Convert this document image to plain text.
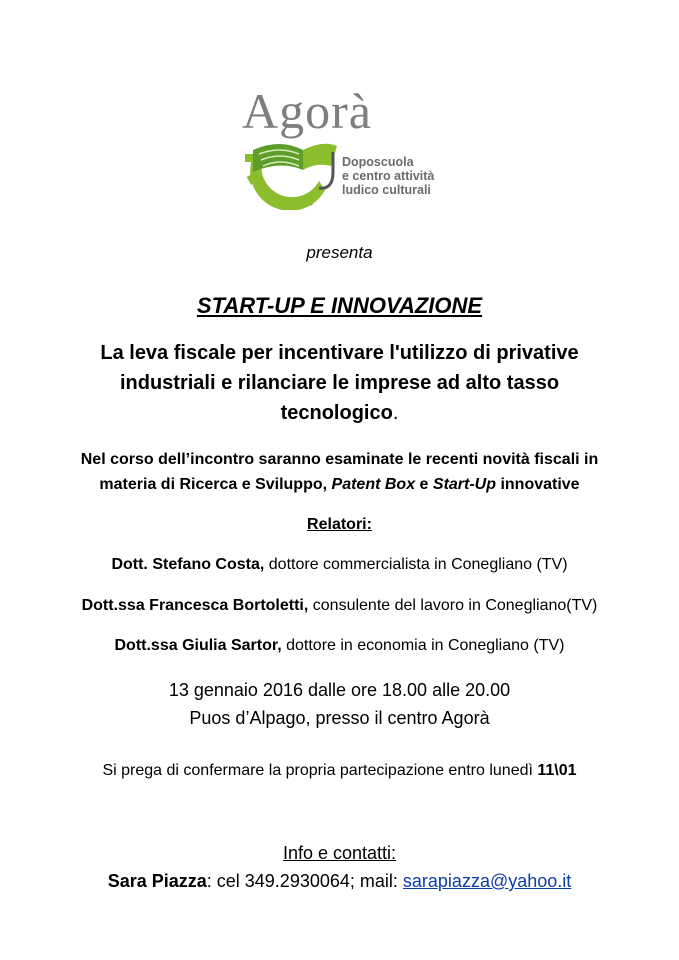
Agorà
Doposcuola
e centro attività
ludico culturali
presenta
START-UP E INNOVAZIONE
La leva fiscale per incentivare l'utilizzo di privative
industriali e rilanciare le imprese ad alto tasso
tecnologico.
Nel corso dell’incontro saranno esaminate le recenti novità fiscali in
materia di Ricerca e Sviluppo, Patent Box e Start-Up innovative
Relatori:
Dott. Stefano Costa, dottore commercialista in Conegliano (TV)
Dott.ssa Francesca Bortoletti, consulente del lavoro in Conegliano(TV)
Dott.ssa Giulia Sartor, dottore in economia in Conegliano (TV)
13 gennaio 2016 dalle ore 18.00 alle 20.00
Puos d’Alpago, presso il centro Agorà
Si prega di confermare la propria partecipazione entro lunedì 11\01
Info e contatti:
Sara Piazza: cel 349.2930064; mail: sarapiazza@yahoo.it
